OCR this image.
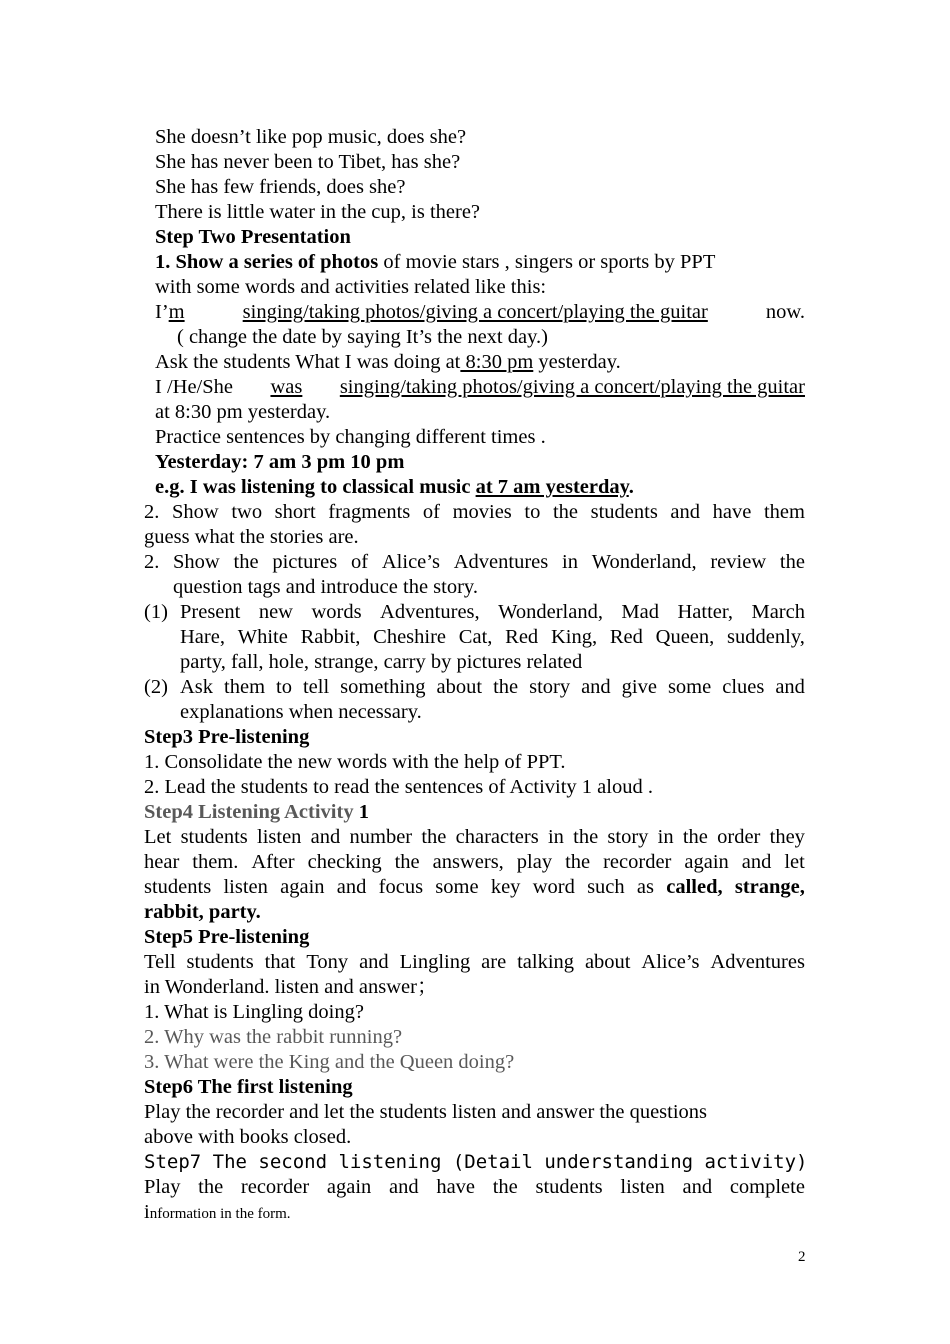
She doesn’t like pop music, does she?
She has never been to Tibet, has she?
She has few friends, does she?
There is little water in the cup, is there?
Step Two Presentation
1. Show a series of photos of movie stars , singers or sports by PPT
with some words and activities related like this:
I’m	singing/taking photos/giving a concert/playing the guitar	now.
( change the date by saying It’s the next day.)
Ask the students What I was doing at 8:30 pm yesterday.
I /He/She was singing/taking photos/giving a concert/playing the guitar
at 8:30 pm yesterday.
Practice sentences by changing different times .
Yesterday: 7 am 3 pm 10 pm
e.g. I was listening to classical music at 7 am yesterday.
2. Show two short fragments of movies to the students and have them
guess what the stories are.
2. Show the pictures of Alice’s Adventures in Wonderland, review the
question tags and introduce the story.
(1) Present new words Adventures, Wonderland, Mad Hatter, March
Hare, White Rabbit, Cheshire Cat, Red King, Red Queen, suddenly,
party, fall, hole, strange, carry by pictures related
(2) Ask them to tell something about the story and give some clues and
explanations when necessary.
Step3 Pre-listening
1. Consolidate the new words with the help of PPT.
2. Lead the students to read the sentences of Activity 1 aloud .
Step4 Listening Activity 1
Let students listen and number the characters in the story in the order they
hear them. After checking the answers, play the recorder again and let
students listen again and focus some key word such as called, strange,
rabbit, party.
Step5 Pre-listening
Tell students that Tony and Lingling are talking about Alice’s Adventures
in Wonderland. listen and answer；
1. What is Lingling doing?
2. Why was the rabbit running?
3. What were the King and the Queen doing?
Step6 The first listening
Play the recorder and let the students listen and answer the questions
above with books closed.
Step7 The second listening (Detail understanding activity)
Play the recorder again and have the students listen and complete
information in the form.
2
